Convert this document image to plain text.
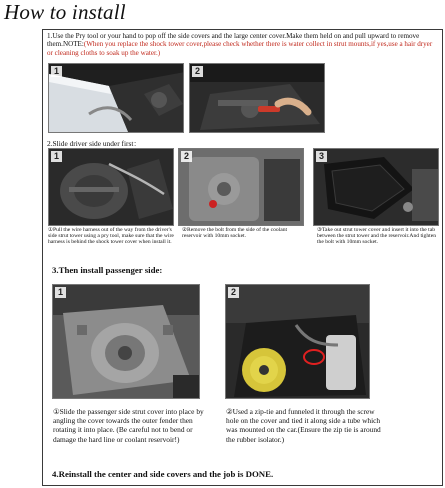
How to install
1.Use the Pry tool or your hand to pop off the side covers and the large center cover.Make them held on and pull upward to remove them.NOTE:(When you replace the shock tower cover,please check whether there is water collect in strut mounts,if yes,use a hair dryer or cleaning cloths to soak up the water.)
1	2
2.Slide driver side under first：
1	2	3
①Pull the wire harness out of the way from the driver's side strut tower using a pry tool, make sure that the wire harness is behind the shock tower cover when install it.
②Remove the bolt from the side of the coolant reservoir with 10mm socket.
③Take out strut tower cover and insert it into the tab between the strut tower and the reservoir.And tighten the bolt with 10mm socket.
3.Then install passenger side:
1	2
①Slide the passenger side strut cover into place by angling the cover towards the outer fender then rotating it into place. (Be careful not to bend or damage the hard line or coolant reservoir!)
②Used a zip-tie and funneled it through the screw hole on the cover and tied it along side a tube which was mounted on the car.(Ensure the zip tie is around the rubber isolator.)
4.Reinstall the center and side covers and the job is DONE.
